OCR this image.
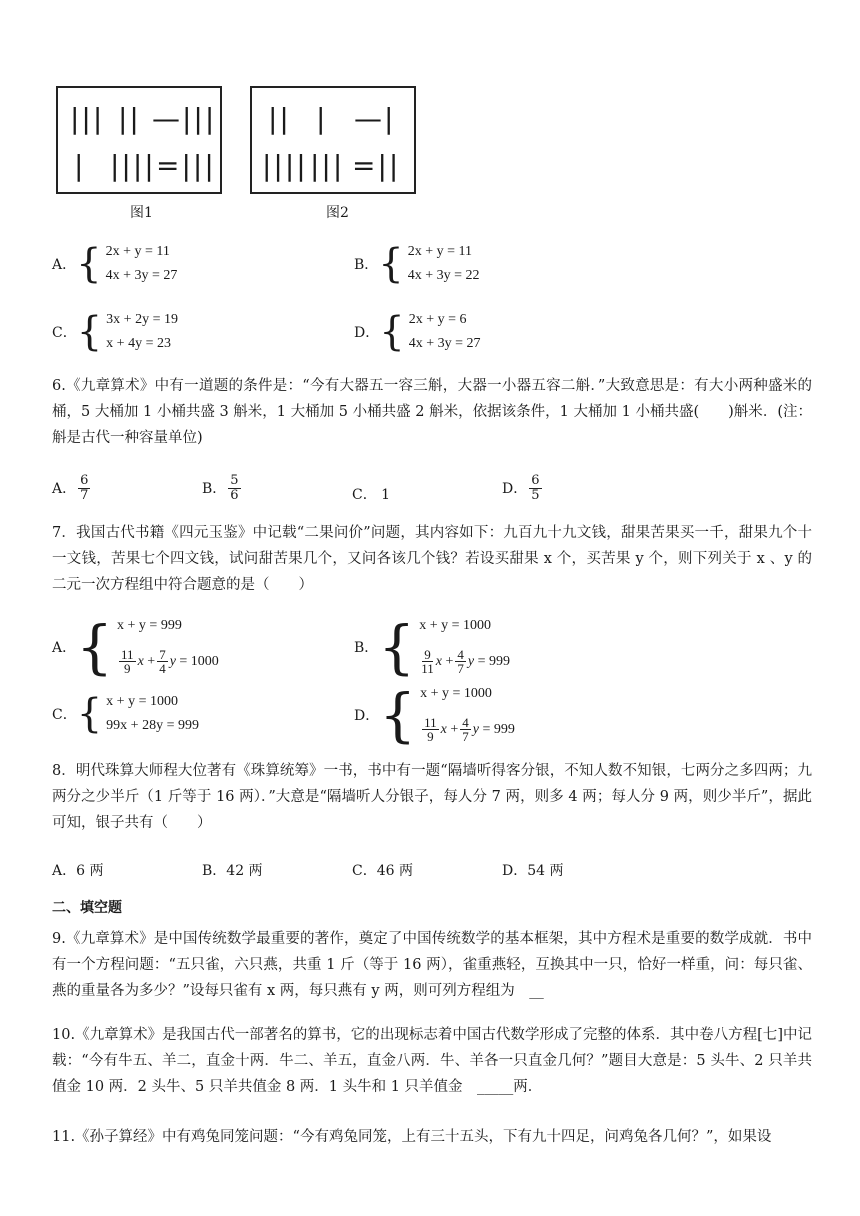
||| || —|||
| |||| =|||
图1
|| | —|
|||| ||| =||
图2
A． { 2x + y = 11
4x + 3y = 27
B． { 2x + y = 11
4x + 3y = 22
C． { 3x + 2y = 19
x + 4y = 23
D． { 2x + y = 6
4x + 3y = 27
6.《九章算术》中有一道题的条件是：“今有大器五一容三斛，大器一小器五容二斛．”大致意思是：有大小两种盛米的桶，5 大桶加 1 小桶共盛 3 斛米，1 大桶加 5 小桶共盛 2 斛米，依据该条件，1 大桶加 1 小桶共盛(　　)斛米．(注：斛是古代一种容量单位)
A． $\frac{6}{7}$	B． $\frac{5}{6}$	C． 1	D． $\frac{6}{5}$
7．我国古代书籍《四元玉鉴》中记载“二果问价”问题，其内容如下：九百九十九文钱，甜果苦果买一千，甜果九个十一文钱，苦果七个四文钱，试问甜苦果几个，又问各该几个钱？若设买甜果 x 个，买苦果 y 个，则下列关于 x 、y 的二元一次方程组中符合题意的是（　　）
A． { x + y = 999
$\frac{11}{9}$ $x + \frac{7}{4}$ y
= 1000
B． { x + y = 1000
$\frac{9}{11}$ $x + \frac{4}{7}$ y
= 999
C． { x + y = 1000
99x + 28y = 999
D． { x + y = 1000
$\frac{11}{9}$ $x + \frac{4}{7}$ y
= 999
8．明代珠算大师程大位著有《珠算统筹》一书，书中有一题“隔墙听得客分银，不知人数不知银，七两分之多四两；九两分之少半斤（1 斤等于 16 两）．”大意是“隔墙听人分银子，每人分 7 两，则多 4 两；每人分 9 两，则少半斤”，据此可知，银子共有（　　）
A．6 两	B．42 两	C．46 两	D．54 两
二、填空题
9.《九章算术》是中国传统数学最重要的著作，奠定了中国传统数学的基本框架，其中方程术是重要的数学成就．书中有一个方程问题：“五只雀，六只燕，共重 1 斤（等于 16 两），雀重燕轻，互换其中一只，恰好一样重，问：每只雀、燕的重量各为多少？”设每只雀有 x 两，每只燕有 y 两，则可列方程组为　__
10.《九章算术》是我国古代一部著名的算书，它的出现标志着中国古代数学形成了完整的体系．其中卷八方程[七]中记载：“今有牛五、羊二，直金十两．牛二、羊五，直金八两．牛、羊各一只直金几何？”题目大意是：5 头牛、2 只羊共值金 10 两．2 头牛、5 只羊共值金 8 两．1 头牛和 1 只羊值金　_____两．
11.《孙子算经》中有鸡兔同笼问题：“今有鸡兔同笼，上有三十五头，下有九十四足，问鸡兔各几何？”，如果设
